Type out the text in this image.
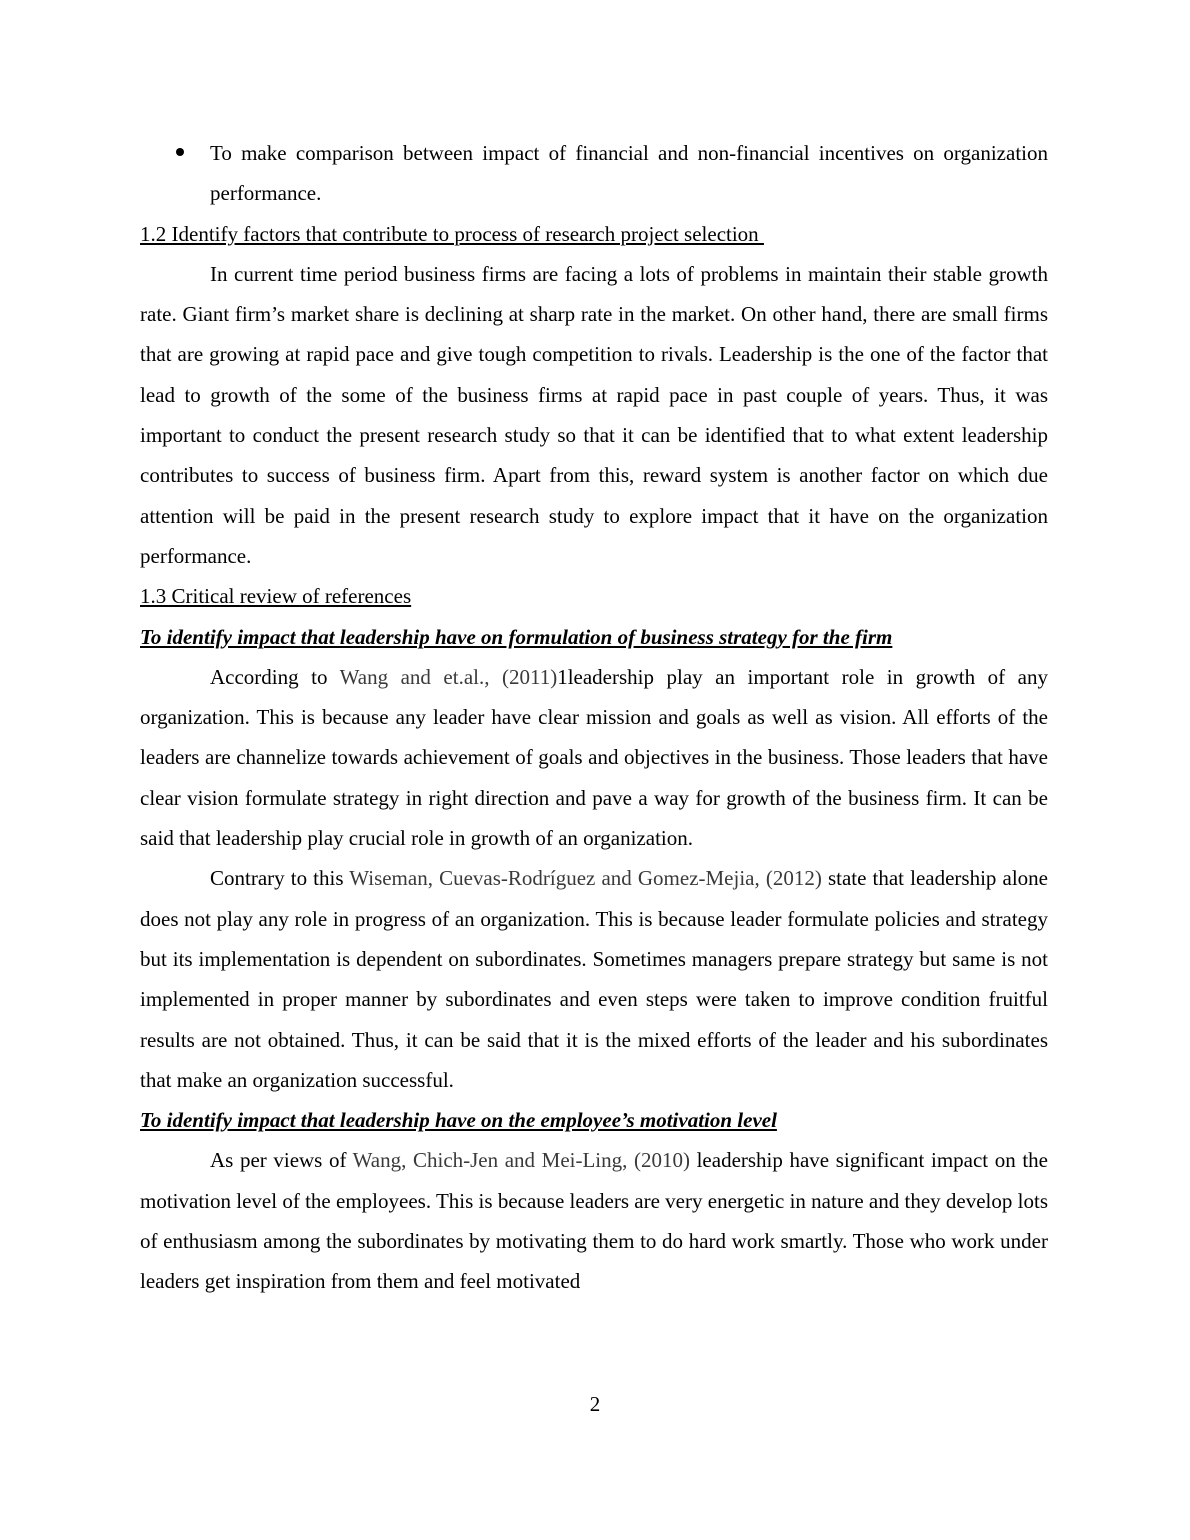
To make comparison between impact of financial and non-financial incentives on organization performance.

1.2 Identify factors that contribute to process of research project selection

In current time period business firms are facing a lots of problems in maintain their stable growth rate. Giant firm’s market share is declining at sharp rate in the market. On other hand, there are small firms that are growing at rapid pace and give tough competition to rivals. Leadership is the one of the factor that lead to growth of the some of the business firms at rapid pace in past couple of years. Thus, it was important to conduct the present research study so that it can be identified that to what extent leadership contributes to success of business firm. Apart from this, reward system is another factor on which due attention will be paid in the present research study to explore impact that it have on the organization performance.

1.3 Critical review of references

To identify impact that leadership have on formulation of business strategy for the firm

According to Wang and et.al., (2011)1leadership play an important role in growth of any organization. This is because any leader have clear mission and goals as well as vision. All efforts of the leaders are channelize towards achievement of goals and objectives in the business. Those leaders that have clear vision formulate strategy in right direction and pave a way for growth of the business firm. It can be said that leadership play crucial role in growth of an organization.

Contrary to this Wiseman, Cuevas-Rodríguez and Gomez-Mejia, (2012) state that leadership alone does not play any role in progress of an organization. This is because leader formulate policies and strategy but its implementation is dependent on subordinates. Sometimes managers prepare strategy but same is not implemented in proper manner by subordinates and even steps were taken to improve condition fruitful results are not obtained. Thus, it can be said that it is the mixed efforts of the leader and his subordinates that make an organization successful.

To identify impact that leadership have on the employee’s motivation level

As per views of Wang, Chich-Jen and Mei-Ling, (2010) leadership have significant impact on the motivation level of the employees. This is because leaders are very energetic in nature and they develop lots of enthusiasm among the subordinates by motivating them to do hard work smartly. Those who work under leaders get inspiration from them and feel motivated

2
